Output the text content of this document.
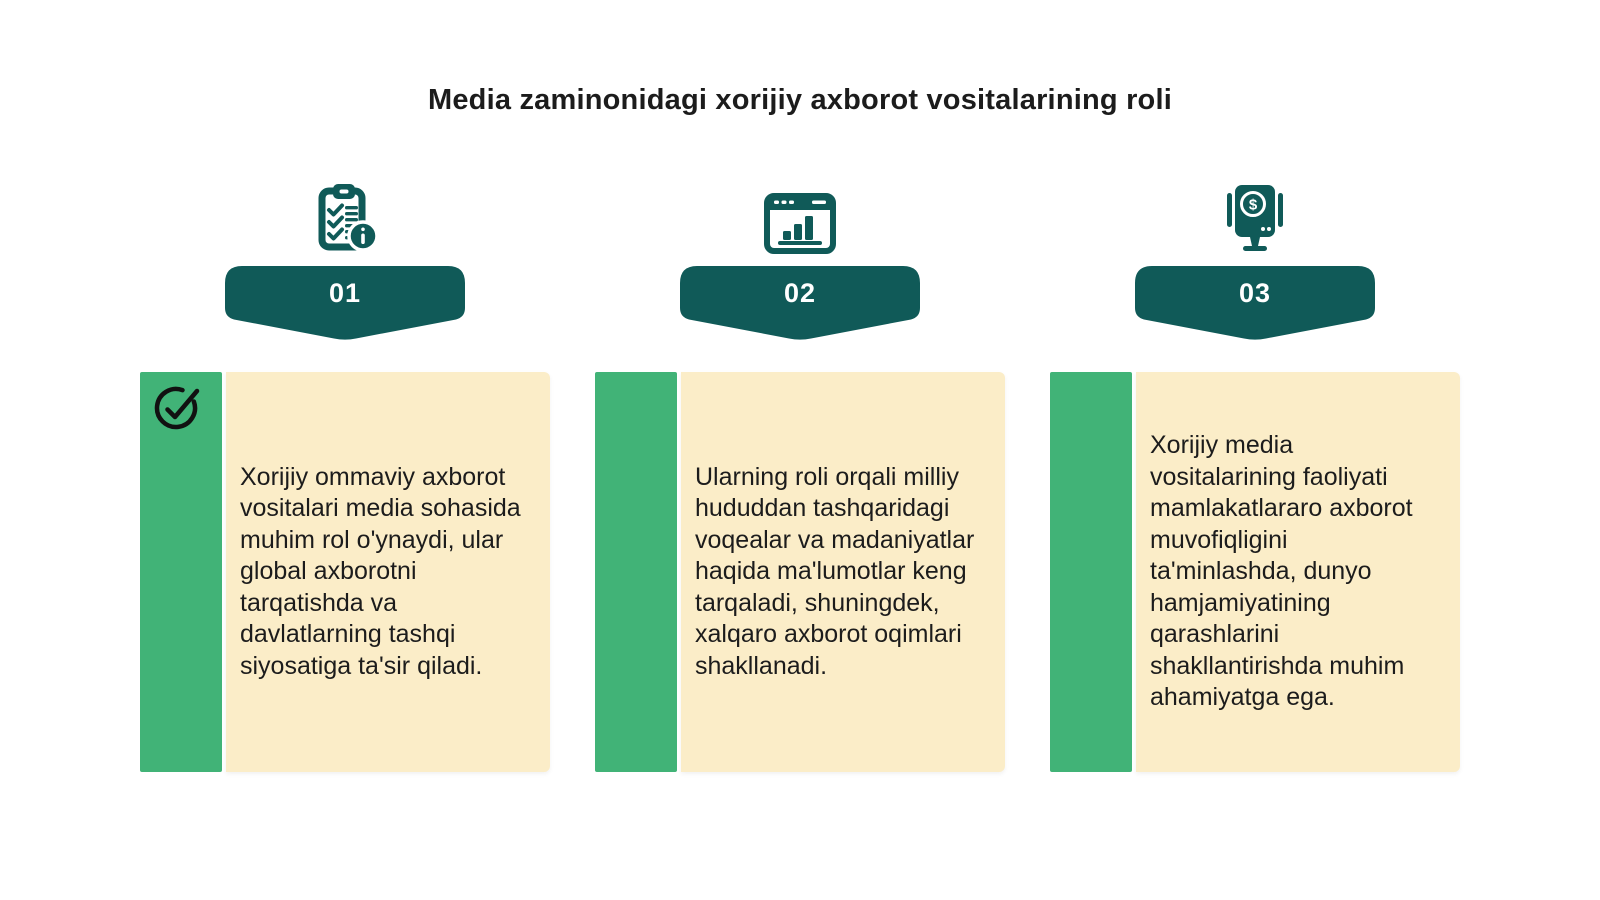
Media zaminonidagi xorijiy axborot vositalarining roli
01

Xorijiy ommaviy axborot vositalari media sohasida muhim rol o'ynaydi, ular global axborotni tarqatishda va davlatlarning tashqi siyosatiga ta'sir qiladi.

02

Ularning roli orqali milliy hududdan tashqaridagi voqealar va madaniyatlar haqida ma'lumotlar keng tarqaladi, shuningdek, xalqaro axborot oqimlari shakllanadi.

$
03

Xorijiy media vositalarining faoliyati mamlakatlararo axborot muvofiqligini ta'minlashda, dunyo hamjamiyatining qarashlarini shakllantirishda muhim ahamiyatga ega.
